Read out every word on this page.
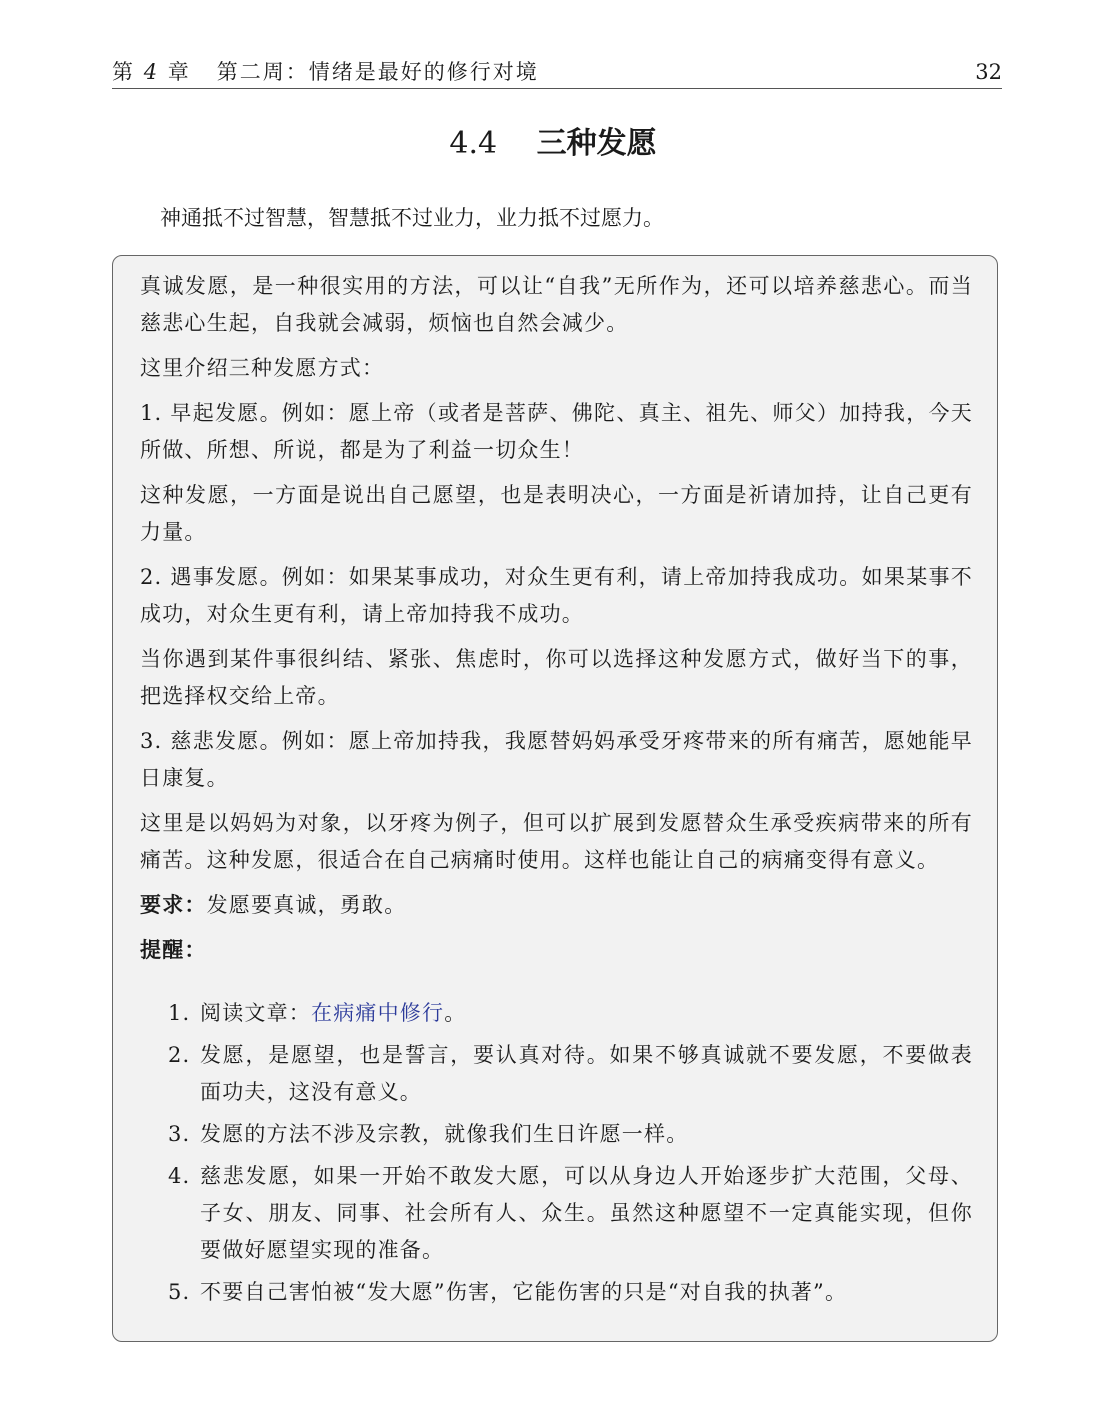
第 4 章 第二周：情绪是最好的修行对境	32
4.4 三种发愿
神通抵不过智慧，智慧抵不过业力，业力抵不过愿力。

真诚发愿，是一种很实用的方法，可以让“自我”无所作为，还可以培养慈悲心。而当慈悲心生起，自我就会减弱，烦恼也自然会减少。

这里介绍三种发愿方式：

1. 早起发愿。例如：愿上帝（或者是菩萨、佛陀、真主、祖先、师父）加持我，今天所做、所想、所说，都是为了利益一切众生！

这种发愿，一方面是说出自己愿望，也是表明决心，一方面是祈请加持，让自己更有力量。

2. 遇事发愿。例如：如果某事成功，对众生更有利，请上帝加持我成功。如果某事不成功，对众生更有利，请上帝加持我不成功。

当你遇到某件事很纠结、紧张、焦虑时，你可以选择这种发愿方式，做好当下的事，把选择权交给上帝。

3. 慈悲发愿。例如：愿上帝加持我，我愿替妈妈承受牙疼带来的所有痛苦，愿她能早日康复。

这里是以妈妈为对象，以牙疼为例子，但可以扩展到发愿替众生承受疾病带来的所有痛苦。这种发愿，很适合在自己病痛时使用。这样也能让自己的病痛变得有意义。

要求：发愿要真诚，勇敢。

提醒：

1. 阅读文章：在病痛中修行。
2. 发愿，是愿望，也是誓言，要认真对待。如果不够真诚就不要发愿，不要做表面功夫，这没有意义。
3. 发愿的方法不涉及宗教，就像我们生日许愿一样。
4. 慈悲发愿，如果一开始不敢发大愿，可以从身边人开始逐步扩大范围，父母、子女、朋友、同事、社会所有人、众生。虽然这种愿望不一定真能实现，但你要做好愿望实现的准备。
5. 不要自己害怕被“发大愿”伤害，它能伤害的只是“对自我的执著”。
